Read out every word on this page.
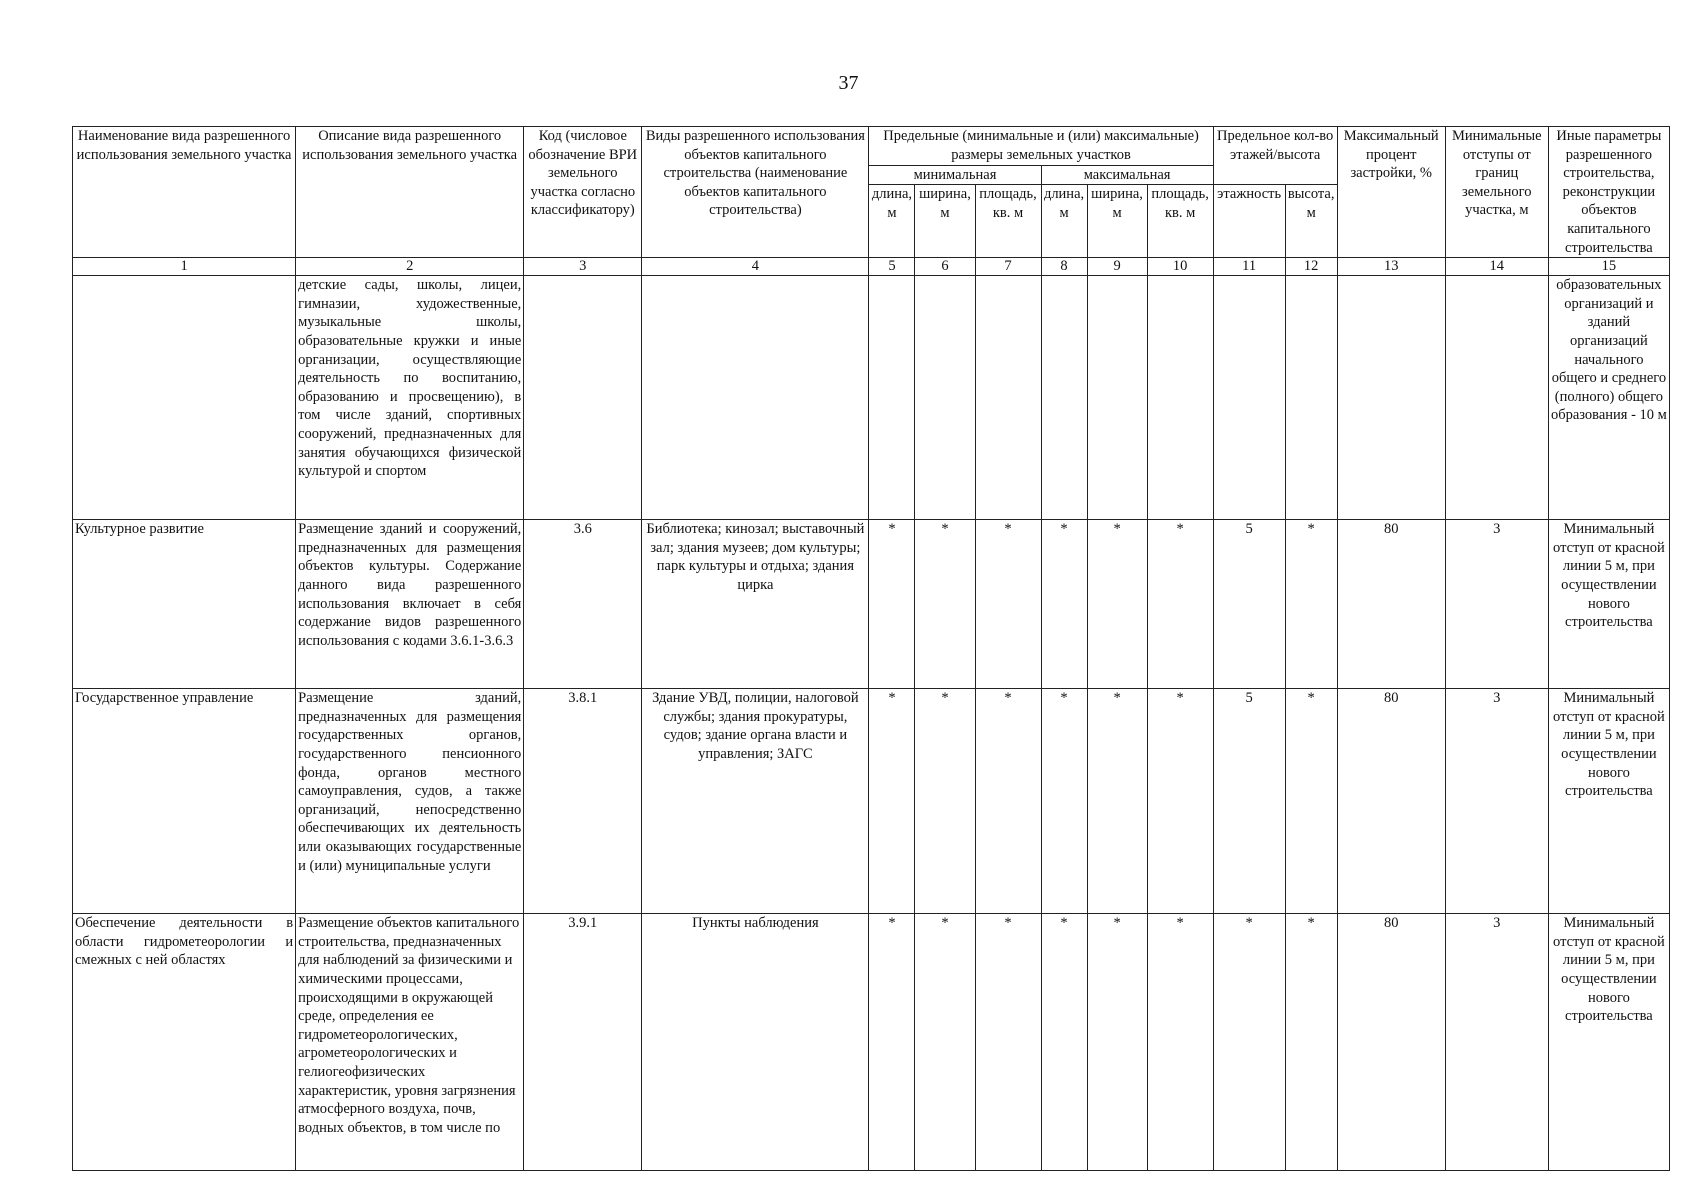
37
Наименование вида разрешенного использования земельного участка	Описание вида разрешенного использования земельного участка	Код (числовое обозначение ВРИ земельного участка согласно классификатору)	Виды разрешенного использования объектов капитального строительства (наименование объектов капитального строительства)	Предельные (минимальные и (или) максимальные) размеры земельных участков						Предельное кол-во этажей/высота		Максимальный процент застройки, %	Минимальные отступы от границ земельного участка, м	Иные параметры разрешенного строительства, реконструкции объектов капитального строительства
				минимальная			максимальная							
				длина, м	ширина, м	площадь, кв. м	длина, м	ширина, м	площадь, кв. м	этажность	высота, м			
1	2	3	4	5	6	7	8	9	10	11	12	13	14	15
	детские сады, школы, лицеи, гимназии, художественные, музыкальные школы, образовательные кружки и иные организации, осуществляющие деятельность по воспитанию, образованию и просвещению), в том числе зданий, спортивных сооружений, предназначенных для занятия обучающихся физической культурой и спортом													образовательных организаций и зданий организаций начального общего и среднего (полного) общего образования - 10 м
Культурное развитие	Размещение зданий и сооружений, предназначенных для размещения объектов культуры. Содержание данного вида разрешенного использования включает в себя содержание видов разрешенного использования с кодами 3.6.1-3.6.3	3.6	Библиотека; кинозал; выставочный зал; здания музеев; дом культуры; парк культуры и отдыха; здания цирка	*	*	*	*	*	*	5	*	80	3	Минимальный отступ от красной линии 5 м, при осуществлении нового строительства
Государственное управление	Размещение зданий, предназначенных для размещения государственных органов, государственного пенсионного фонда, органов местного самоуправления, судов, а также организаций, непосредственно обеспечивающих их деятельность или оказывающих государственные и (или) муниципальные услуги	3.8.1	Здание УВД, полиции, налоговой службы; здания прокуратуры, судов; здание органа власти и управления; ЗАГС	*	*	*	*	*	*	5	*	80	3	Минимальный отступ от красной линии 5 м, при осуществлении нового строительства
Обеспечение деятельности в области гидрометеорологии и смежных с ней областях	Размещение объектов капитального строительства, предназначенных для наблюдений за физическими и химическими процессами, происходящими в окружающей среде, определения ее гидрометеорологических, агрометеорологических и гелиогеофизических характеристик, уровня загрязнения атмосферного воздуха, почв, водных объектов, в том числе по	3.9.1	Пункты наблюдения	*	*	*	*	*	*	*	*	80	3	Минимальный отступ от красной линии 5 м, при осуществлении нового строительства
